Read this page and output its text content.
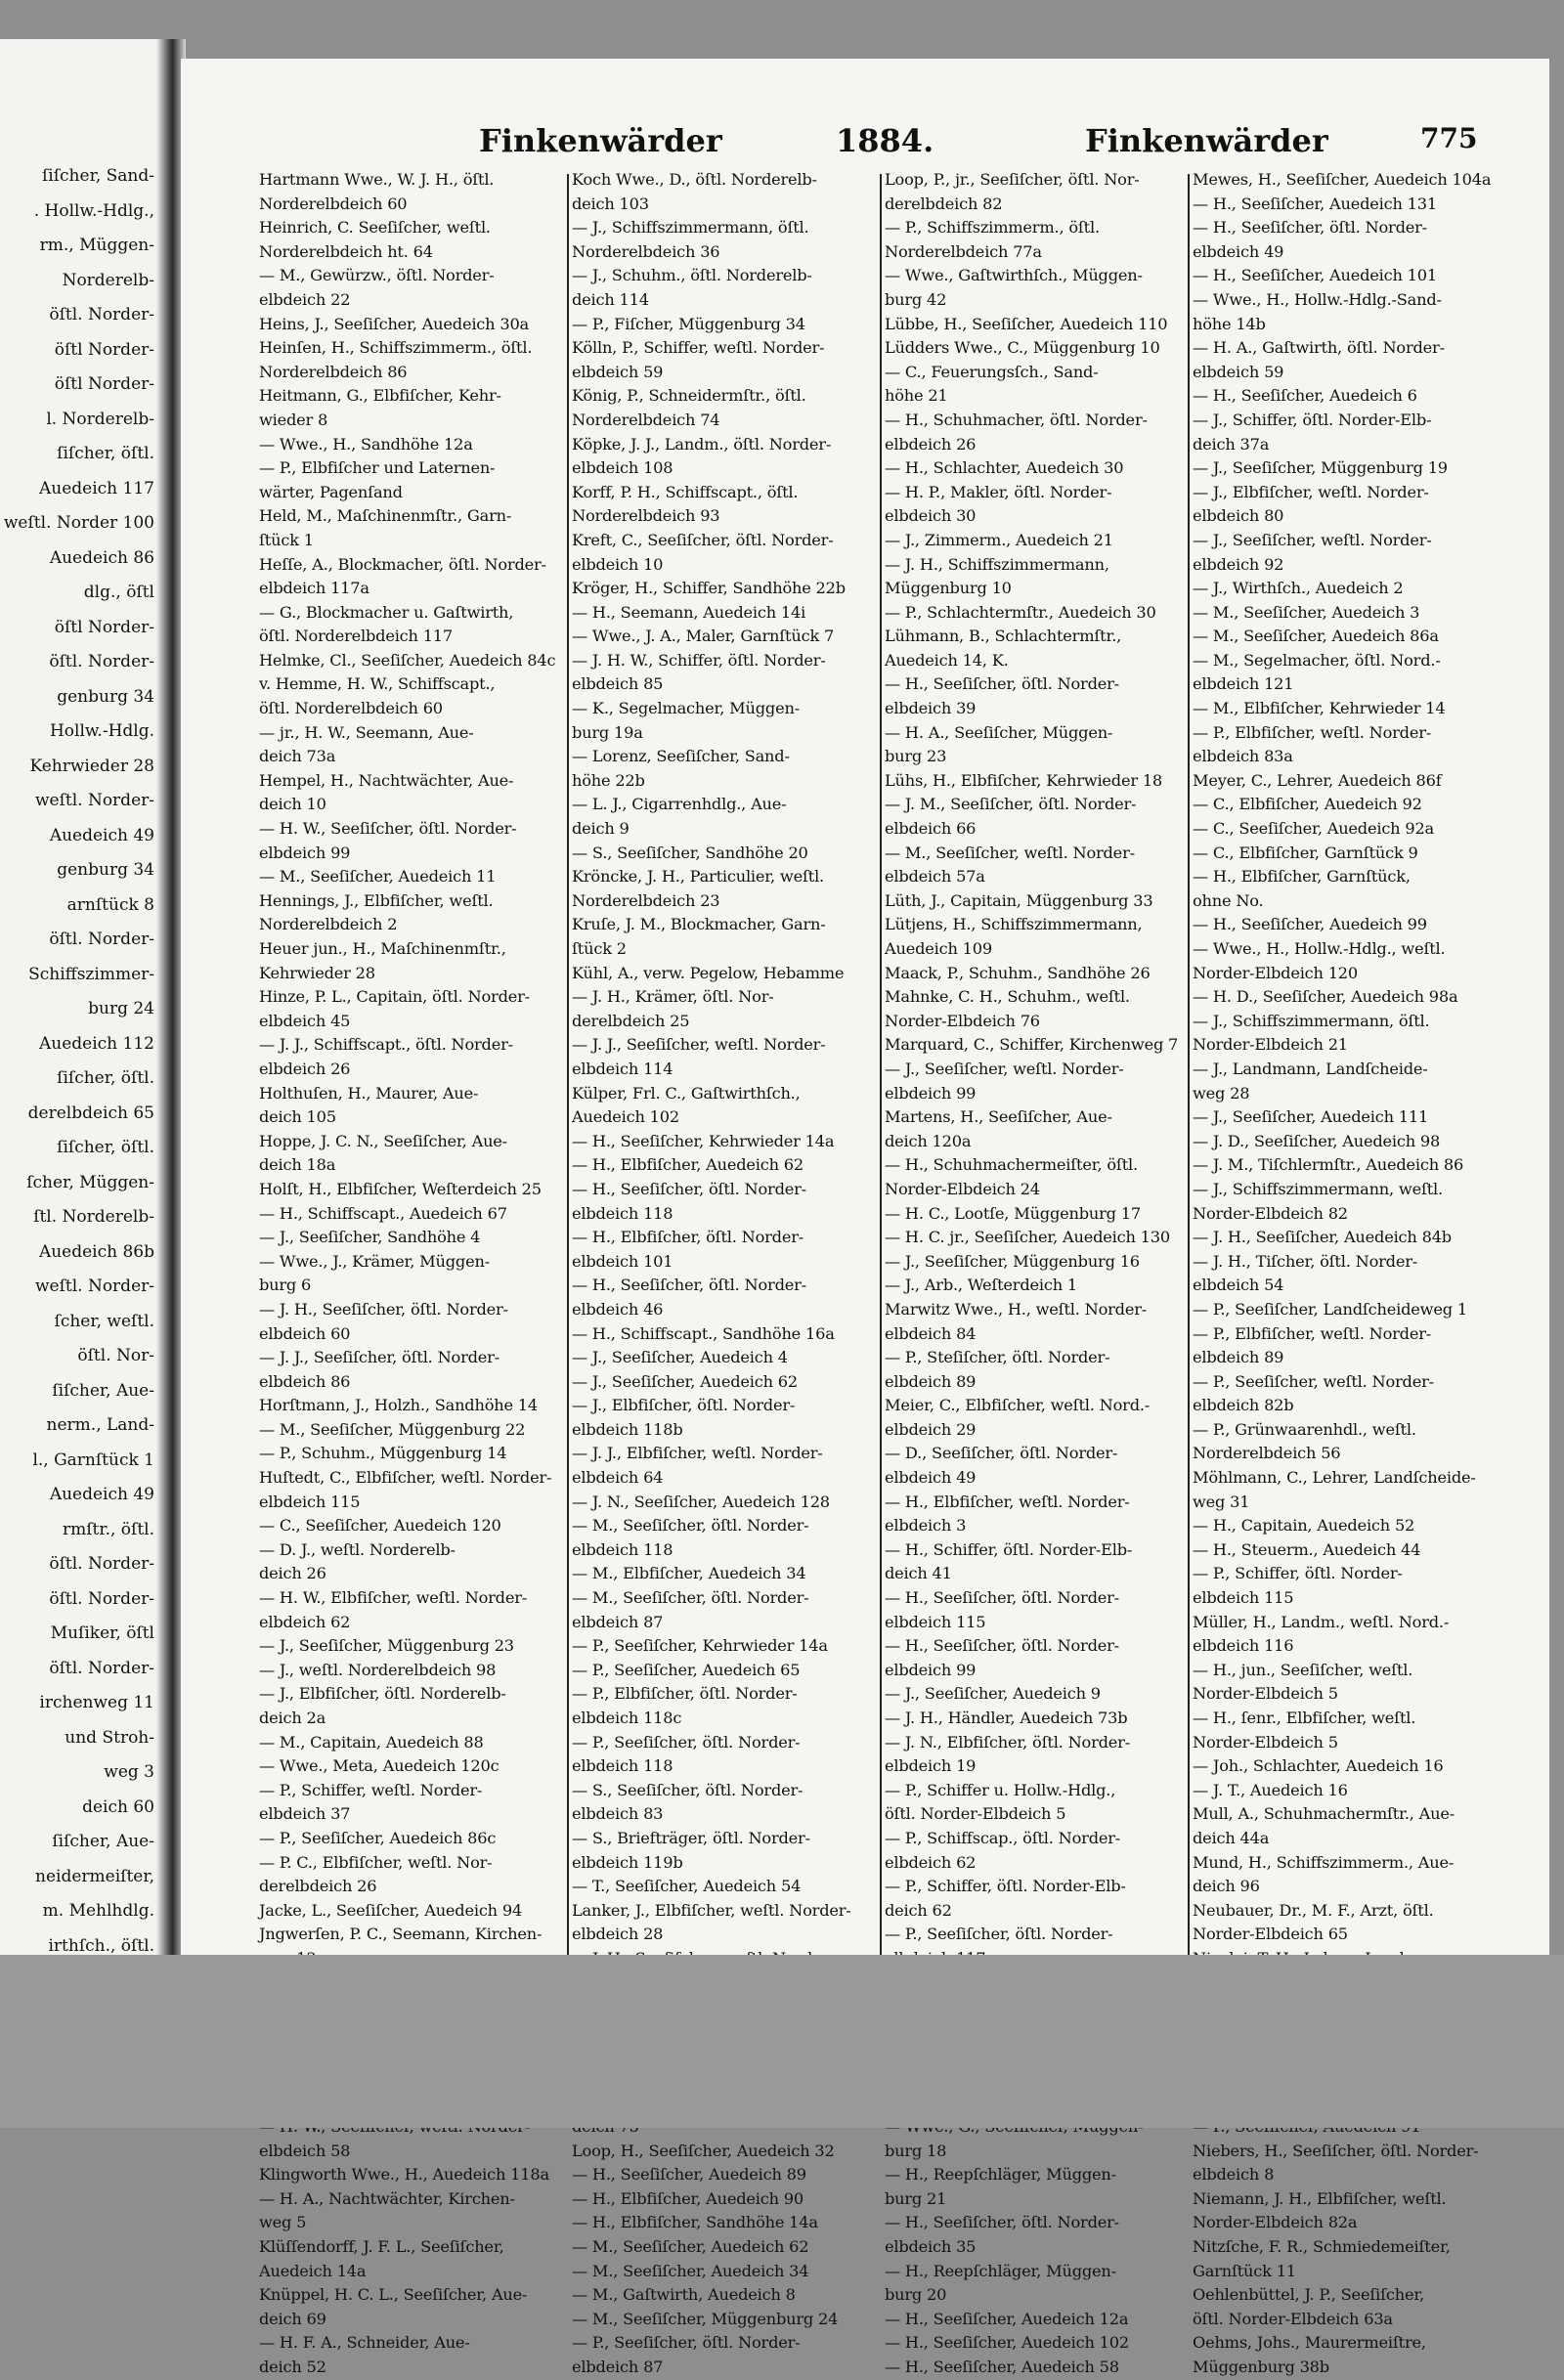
ſiſcher, Sand-
. Hollw.-Hdlg.,
rm., Müggen-
Norderelb-
öſtl. Norder-
öſtl Norder-
öſtl Norder-
l. Norderelb-
ſiſcher, öſtl.
Auedeich 117
weſtl. Norder 100
Auedeich 86
dlg., öſtl
öſtl Norder-
öſtl. Norder-
genburg 34
Hollw.-Hdlg.
Kehrwieder 28
weſtl. Norder-
Auedeich 49
genburg 34
arnſtück 8
öſtl. Norder-
Schiffszimmer-
burg 24
Auedeich 112
ſiſcher, öſtl.
derelbdeich 65
ſiſcher, öſtl.
ſcher, Müggen-
ſtl. Norderelb-
Auedeich 86b
weſtl. Norder-
ſcher, weſtl.
öſtl. Nor-
ſiſcher, Aue-
nerm., Land-
l., Garnſtück 1
Auedeich 49
rmſtr., öſtl.
öſtl. Norder-
öſtl. Norder-
Muſiker, öſtl
öſtl. Norder-
irchenweg 11
und Stroh-
weg 3
deich 60
ſiſcher, Aue-
neidermeiſter,
m. Mehlhdlg.
irthſch., öſtl.
Finkenwärder	1884.	Finkenwärder	775
Hartmann Wwe., W. J. H., öſtl.
Norderelbdeich 60
Heinrich, C. Seeſiſcher, weſtl.
Norderelbdeich ht. 64
— M., Gewürzw., öſtl. Norder-
elbdeich 22
Heins, J., Seeſiſcher, Auedeich 30a
Heinſen, H., Schiffszimmerm., öſtl.
Norderelbdeich 86
Heitmann, G., Elbfiſcher, Kehr-
wieder 8
— Wwe., H., Sandhöhe 12a
— P., Elbfiſcher und Laternen-
wärter, Pagenſand
Held, M., Maſchinenmſtr., Garn-
ſtück 1
Heſſe, A., Blockmacher, öſtl. Norder-
elbdeich 117a
— G., Blockmacher u. Gaſtwirth,
öſtl. Norderelbdeich 117
Helmke, Cl., Seeſiſcher, Auedeich 84c
v. Hemme, H. W., Schiffscapt.,
öſtl. Norderelbdeich 60
— jr., H. W., Seemann, Aue-
deich 73a
Hempel, H., Nachtwächter, Aue-
deich 10
— H. W., Seeſiſcher, öſtl. Norder-
elbdeich 99
— M., Seeſiſcher, Auedeich 11
Hennings, J., Elbfiſcher, weſtl.
Norderelbdeich 2
Heuer jun., H., Maſchinenmſtr.,
Kehrwieder 28
Hinze, P. L., Capitain, öſtl. Norder-
elbdeich 45
— J. J., Schiffscapt., öſtl. Norder-
elbdeich 26
Holthuſen, H., Maurer, Aue-
deich 105
Hoppe, J. C. N., Seeſiſcher, Aue-
deich 18a
Holſt, H., Elbfiſcher, Weſterdeich 25
— H., Schiffscapt., Auedeich 67
— J., Seeſiſcher, Sandhöhe 4
— Wwe., J., Krämer, Müggen-
burg 6
— J. H., Seeſiſcher, öſtl. Norder-
elbdeich 60
— J. J., Seeſiſcher, öſtl. Norder-
elbdeich 86
Horſtmann, J., Holzh., Sandhöhe 14
— M., Seeſiſcher, Müggenburg 22
— P., Schuhm., Müggenburg 14
Huſtedt, C., Elbfiſcher, weſtl. Norder-
elbdeich 115
— C., Seeſiſcher, Auedeich 120
— D. J., weſtl. Norderelb-
deich 26
— H. W., Elbfiſcher, weſtl. Norder-
elbdeich 62
— J., Seeſiſcher, Müggenburg 23
— J., weſtl. Norderelbdeich 98
— J., Elbfiſcher, öſtl. Norderelb-
deich 2a
— M., Capitain, Auedeich 88
— Wwe., Meta, Auedeich 120c
— P., Schiffer, weſtl. Norder-
elbdeich 37
— P., Seeſiſcher, Auedeich 86c
— P. C., Elbfiſcher, weſtl. Nor-
derelbdeich 26
Jacke, L., Seeſiſcher, Auedeich 94
Jngwerſen, P. C., Seemann, Kirchen-
elbdeich 58
Klingworth Wwe., H., Auedeich 118a
— H. A., Nachtwächter, Kirchen-
weg 5
Klüſſendorff, J. F. L., Seeſiſcher,
Auedeich 14a
Knüppel, H. C. L., Seeſiſcher, Aue-
deich 69
— H. F. A., Schneider, Aue-
deich 52
Koch Wwe., D., öſtl. Norderelb-
deich 103
— J., Schiffszimmermann, öſtl.
Norderelbdeich 36
— J., Schuhm., öſtl. Norderelb-
deich 114
— P., Fiſcher, Müggenburg 34
Kölln, P., Schiffer, weſtl. Norder-
elbdeich 59
König, P., Schneidermſtr., öſtl.
Norderelbdeich 74
Köpke, J. J., Landm., öſtl. Norder-
elbdeich 108
Korff, P. H., Schiffscapt., öſtl.
Norderelbdeich 93
Kreft, C., Seeſiſcher, öſtl. Norder-
elbdeich 10
Kröger, H., Schiffer, Sandhöhe 22b
— H., Seemann, Auedeich 14i
— Wwe., J. A., Maler, Garnſtück 7
— J. H. W., Schiffer, öſtl. Norder-
elbdeich 85
— K., Segelmacher, Müggen-
burg 19a
— Lorenz, Seeſiſcher, Sand-
höhe 22b
— L. J., Cigarrenhdlg., Aue-
deich 9
— S., Seeſiſcher, Sandhöhe 20
Kröncke, J. H., Particulier, weſtl.
Norderelbdeich 23
Kruſe, J. M., Blockmacher, Garn-
ſtück 2
Kühl, A., verw. Pegelow, Hebamme
— J. H., Krämer, öſtl. Nor-
derelbdeich 25
— J. J., Seeſiſcher, weſtl. Norder-
elbdeich 114
Külper, Frl. C., Gaſtwirthſch.,
Auedeich 102
— H., Seeſiſcher, Kehrwieder 14a
— H., Elbfiſcher, Auedeich 62
— H., Seeſiſcher, öſtl. Norder-
elbdeich 118
— H., Elbfiſcher, öſtl. Norder-
elbdeich 101
— H., Seeſiſcher, öſtl. Norder-
elbdeich 46
— H., Schiffscapt., Sandhöhe 16a
— J., Seeſiſcher, Auedeich 4
— J., Seeſiſcher, Auedeich 62
— J., Elbfiſcher, öſtl. Norder-
elbdeich 118b
— J. J., Elbfiſcher, weſtl. Norder-
elbdeich 64
— J. N., Seeſiſcher, Auedeich 128
— M., Seeſiſcher, öſtl. Norder-
elbdeich 118
— M., Elbfiſcher, Auedeich 34
— M., Seeſiſcher, öſtl. Norder-
elbdeich 87
— P., Seeſiſcher, Kehrwieder 14a
— P., Seeſiſcher, Auedeich 65
— P., Elbfiſcher, öſtl. Norder-
elbdeich 118c
— P., Seeſiſcher, öſtl. Norder-
elbdeich 118
— S., Seeſiſcher, öſtl. Norder-
elbdeich 83
— S., Briefträger, öſtl. Norder-
elbdeich 119b
— T., Seeſiſcher, Auedeich 54
Lanker, J., Elbfiſcher, weſtl. Norder-
elbdeich 28
Loop, H., Seeſiſcher, Auedeich 32
— H., Seeſiſcher, Auedeich 89
— H., Elbfiſcher, Auedeich 90
— H., Elbfiſcher, Sandhöhe 14a
— M., Seeſiſcher, Auedeich 62
— M., Seeſiſcher, Auedeich 34
— M., Gaſtwirth, Auedeich 8
— M., Seeſiſcher, Müggenburg 24
— P., Seeſiſcher, öſtl. Norder-
elbdeich 87
Loop, P., jr., Seeſiſcher, öſtl. Nor-
derelbdeich 82
— P., Schiffszimmerm., öſtl.
Norderelbdeich 77a
— Wwe., Gaſtwirthſch., Müggen-
burg 42
Lübbe, H., Seeſiſcher, Auedeich 110
Lüdders Wwe., C., Müggenburg 10
— C., Feuerungsſch., Sand-
höhe 21
— H., Schuhmacher, öſtl. Norder-
elbdeich 26
— H., Schlachter, Auedeich 30
— H. P., Makler, öſtl. Norder-
elbdeich 30
— J., Zimmerm., Auedeich 21
— J. H., Schiffszimmermann,
Müggenburg 10
— P., Schlachtermſtr., Auedeich 30
Lühmann, B., Schlachtermſtr.,
Auedeich 14, K.
— H., Seeſiſcher, öſtl. Norder-
elbdeich 39
— H. A., Seeſiſcher, Müggen-
burg 23
Lühs, H., Elbfiſcher, Kehrwieder 18
— J. M., Seeſiſcher, öſtl. Norder-
elbdeich 66
— M., Seeſiſcher, weſtl. Norder-
elbdeich 57a
Lüth, J., Capitain, Müggenburg 33
Lütjens, H., Schiffszimmermann,
Auedeich 109
Maack, P., Schuhm., Sandhöhe 26
Mahnke, C. H., Schuhm., weſtl.
Norder-Elbdeich 76
Marquard, C., Schiffer, Kirchenweg 7
— J., Seeſiſcher, weſtl. Norder-
elbdeich 99
Martens, H., Seeſiſcher, Aue-
deich 120a
— H., Schuhmachermeiſter, öſtl.
Norder-Elbdeich 24
— H. C., Lootſe, Müggenburg 17
— H. C. jr., Seeſiſcher, Auedeich 130
— J., Seeſiſcher, Müggenburg 16
— J., Arb., Weſterdeich 1
Marwitz Wwe., H., weſtl. Norder-
elbdeich 84
— P., Steſiſcher, öſtl. Norder-
elbdeich 89
Meier, C., Elbfiſcher, weſtl. Nord.-
elbdeich 29
— D., Seeſiſcher, öſtl. Norder-
elbdeich 49
— H., Elbfiſcher, weſtl. Norder-
elbdeich 3
— H., Schiffer, öſtl. Norder-Elb-
deich 41
— H., Seeſiſcher, öſtl. Norder-
elbdeich 115
— H., Seeſiſcher, öſtl. Norder-
elbdeich 99
— J., Seeſiſcher, Auedeich 9
— J. H., Händler, Auedeich 73b
— J. N., Elbfiſcher, öſtl. Norder-
elbdeich 19
— P., Schiffer u. Hollw.-Hdlg.,
öſtl. Norder-Elbdeich 5
— P., Schiffscap., öſtl. Norder-
elbdeich 62
— P., Schiffer, öſtl. Norder-Elb-
deich 62
— P., Seeſiſcher, öſtl. Norder-
burg 18
— H., Reepſchläger, Müggen-
burg 21
— H., Seeſiſcher, öſtl. Norder-
elbdeich 35
— H., Reepſchläger, Müggen-
burg 20
— H., Seeſiſcher, Auedeich 12a
— H., Seeſiſcher, Auedeich 102
— H., Seeſiſcher, Auedeich 58
Mewes, H., Seeſiſcher, Auedeich 104a
— H., Seeſiſcher, Auedeich 131
— H., Seeſiſcher, öſtl. Norder-
elbdeich 49
— H., Seeſiſcher, Auedeich 101
— Wwe., H., Hollw.-Hdlg.-Sand-
höhe 14b
— H. A., Gaſtwirth, öſtl. Norder-
elbdeich 59
— H., Seeſiſcher, Auedeich 6
— J., Schiffer, öſtl. Norder-Elb-
deich 37a
— J., Seeſiſcher, Müggenburg 19
— J., Elbfiſcher, weſtl. Norder-
elbdeich 80
— J., Seeſiſcher, weſtl. Norder-
elbdeich 92
— J., Wirthſch., Auedeich 2
— M., Seeſiſcher, Auedeich 3
— M., Seeſiſcher, Auedeich 86a
— M., Segelmacher, öſtl. Nord.-
elbdeich 121
— M., Elbfiſcher, Kehrwieder 14
— P., Elbfiſcher, weſtl. Norder-
elbdeich 83a
Meyer, C., Lehrer, Auedeich 86f
— C., Elbfiſcher, Auedeich 92
— C., Seeſiſcher, Auedeich 92a
— C., Elbfiſcher, Garnſtück 9
— H., Elbfiſcher, Garnſtück,
ohne No.
— H., Seeſiſcher, Auedeich 99
— Wwe., H., Hollw.-Hdlg., weſtl.
Norder-Elbdeich 120
— H. D., Seeſiſcher, Auedeich 98a
— J., Schiffszimmermann, öſtl.
Norder-Elbdeich 21
— J., Landmann, Landſcheide-
weg 28
— J., Seeſiſcher, Auedeich 111
— J. D., Seeſiſcher, Auedeich 98
— J. M., Tiſchlermſtr., Auedeich 86
— J., Schiffszimmermann, weſtl.
Norder-Elbdeich 82
— J. H., Seeſiſcher, Auedeich 84b
— J. H., Tiſcher, öſtl. Norder-
elbdeich 54
— P., Seeſiſcher, Landſcheideweg 1
— P., Elbfiſcher, weſtl. Norder-
elbdeich 89
— P., Seeſiſcher, weſtl. Norder-
elbdeich 82b
— P., Grünwaarenhdl., weſtl.
Norderelbdeich 56
Möhlmann, C., Lehrer, Landſcheide-
weg 31
— H., Capitain, Auedeich 52
— H., Steuerm., Auedeich 44
— P., Schiffer, öſtl. Norder-
elbdeich 115
Müller, H., Landm., weſtl. Nord.-
elbdeich 116
— H., jun., Seeſiſcher, weſtl.
Norder-Elbdeich 5
— H., ſenr., Elbfiſcher, weſtl.
Norder-Elbdeich 5
— Joh., Schlachter, Auedeich 16
— J. T., Auedeich 16
Mull, A., Schuhmachermſtr., Aue-
deich 44a
Mund, H., Schiffszimmerm., Aue-
deich 96
Neubauer, Dr., M. F., Arzt, öſtl.
Norder-Elbdeich 65
Niebers, H., Seeſiſcher, öſtl. Norder-
elbdeich 8
Niemann, J. H., Elbfiſcher, weſtl.
Norder-Elbdeich 82a
Nitzſche, F. R., Schmiedemeiſter,
Garnſtück 11
Oehlenbüttel, J. P., Seeſiſcher,
öſtl. Norder-Elbdeich 63a
Oehms, Johs., Maurermeiſtre,
Müggenburg 38b
